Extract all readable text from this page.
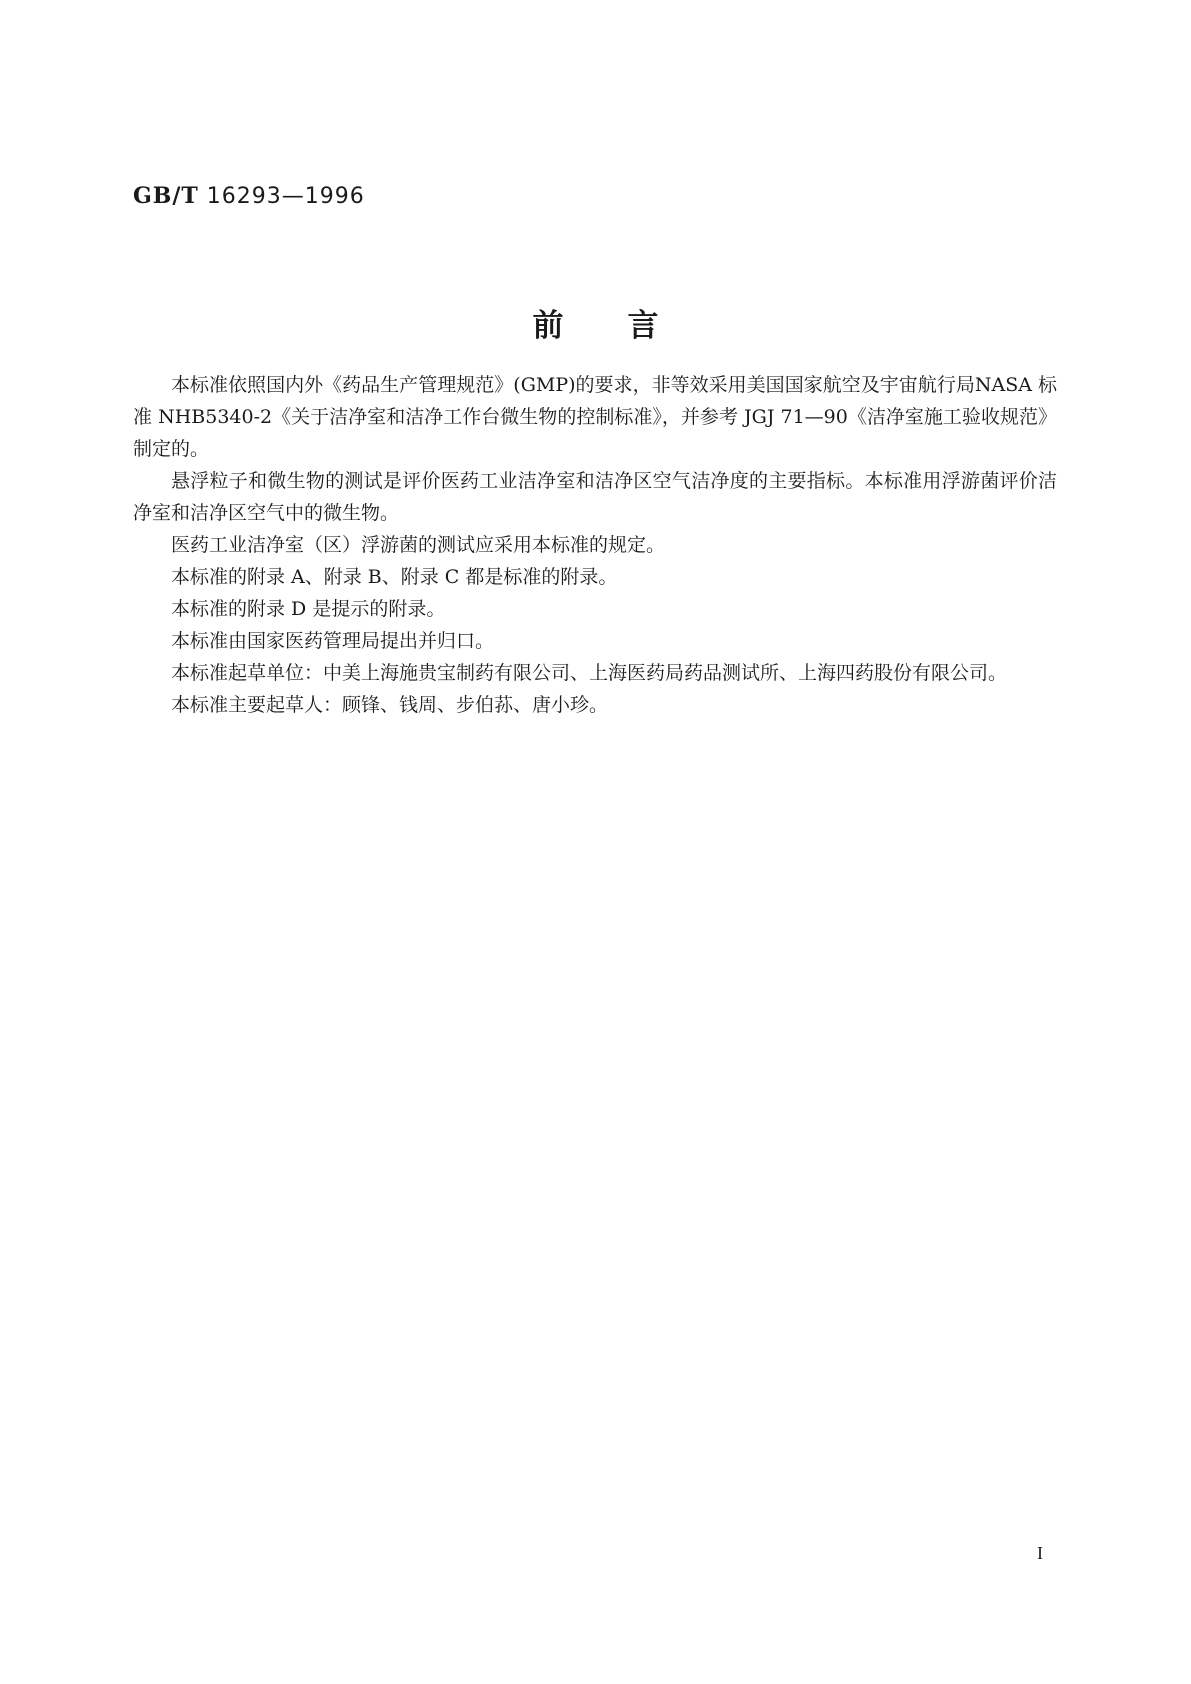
GB/T 16293—1996
前言

本标准依照国内外《药品生产管理规范》(GMP)的要求，非等效采用美国国家航空及宇宙航行局NASA 标准 NHB5340-2《关于洁净室和洁净工作台微生物的控制标准》，并参考 JGJ 71—90《洁净室施工验收规范》制定的。

悬浮粒子和微生物的测试是评价医药工业洁净室和洁净区空气洁净度的主要指标。本标准用浮游菌评价洁净室和洁净区空气中的微生物。

医药工业洁净室（区）浮游菌的测试应采用本标准的规定。

本标准的附录 A、附录 B、附录 C 都是标准的附录。

本标准的附录 D 是提示的附录。

本标准由国家医药管理局提出并归口。

本标准起草单位：中美上海施贵宝制药有限公司、上海医药局药品测试所、上海四药股份有限公司。

本标准主要起草人：顾锋、钱周、步伯荪、唐小珍。

I
